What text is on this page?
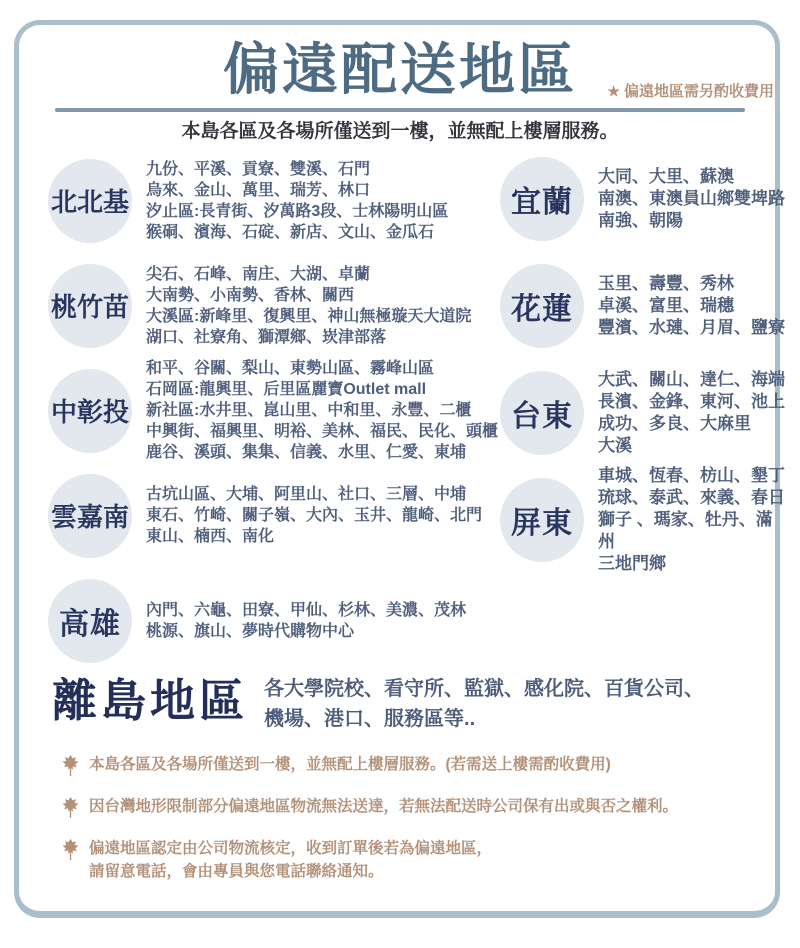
偏遠配送地區	★ 偏遠地區需另酌收費用
本島各區及各場所僅送到一樓，並無配上樓層服務。
北北基
九份、平溪、貢寮、雙溪、石門
烏來、金山、萬里、瑞芳、林口
汐止區:長青街、汐萬路3段、士林陽明山區
猴硐、濱海、石碇、新店、文山、金瓜石
桃竹苗
尖石、石峰、南庄、大湖、卓蘭
大南勢、小南勢、香林、關西
大溪區:新峰里、復興里、神山無極璇天大道院
湖口、社寮角、獅潭鄉、崁津部落
中彰投
和平、谷關、梨山、東勢山區、霧峰山區
石岡區:龍興里、后里區麗寶Outlet mall
新社區:水井里、崑山里、中和里、永豐、二櫃
中興街、福興里、明裕、美林、福民、民化、頭櫃
鹿谷、溪頭、集集、信義、水里、仁愛、東埔
雲嘉南
古坑山區、大埔、阿里山、社口、三層、中埔
東石、竹崎、關子嶺、大內、玉井、龍崎、北門
東山、楠西、南化
高雄	內門、六龜、田寮、甲仙、杉林、美濃、茂林
桃源、旗山、夢時代購物中心
宜蘭
大同、大里、蘇澳
南澳、東澳員山鄉雙埤路
南強、朝陽
花蓮
玉里、壽豐、秀林
卓溪、富里、瑞穗
豐濱、水璉、月眉、鹽寮
台東
大武、關山、達仁、海端
長濱、金鋒、東河、池上
成功、多良、大麻里
大溪
屏東
車城、恆春、枋山、墾丁
琉球、泰武、來義、春日
獅子 、瑪家、牡丹、滿州
三地門鄉
離島地區 各大學院校、看守所、監獄、感化院、百貨公司、
機場、港口、服務區等..
本島各區及各場所僅送到一樓，並無配上樓層服務。(若需送上樓需酌收費用)
因台灣地形限制部分偏遠地區物流無法送達，若無法配送時公司保有出或與否之權利。
偏遠地區認定由公司物流核定，收到訂單後若為偏遠地區，
請留意電話，會由專員與您電話聯絡通知。
